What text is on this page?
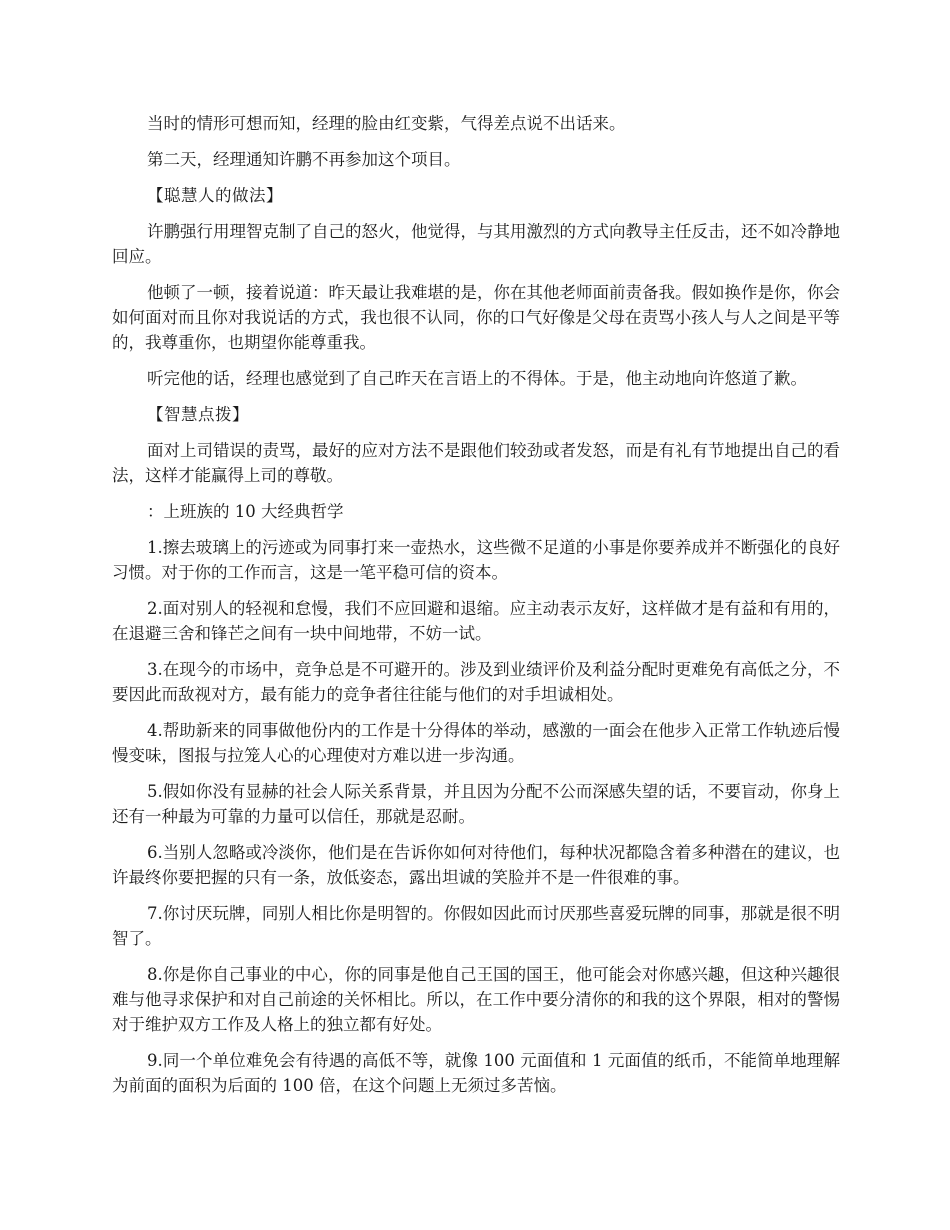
当时的情形可想而知，经理的脸由红变紫，气得差点说不出话来。

第二天，经理通知许鹏不再参加这个项目。

【聪慧人的做法】

许鹏强行用理智克制了自己的怒火，他觉得，与其用激烈的方式向教导主任反击，还不如冷静地回应。

他顿了一顿，接着说道：昨天最让我难堪的是，你在其他老师面前责备我。假如换作是你，你会如何面对而且你对我说话的方式，我也很不认同，你的口气好像是父母在责骂小孩人与人之间是平等的，我尊重你，也期望你能尊重我。

听完他的话，经理也感觉到了自己昨天在言语上的不得体。于是，他主动地向许悠道了歉。

【智慧点拨】

面对上司错误的责骂，最好的应对方法不是跟他们较劲或者发怒，而是有礼有节地提出自己的看法，这样才能赢得上司的尊敬。

：上班族的 10 大经典哲学

1.擦去玻璃上的污迹或为同事打来一壶热水，这些微不足道的小事是你要养成并不断强化的良好习惯。对于你的工作而言，这是一笔平稳可信的资本。

2.面对别人的轻视和怠慢，我们不应回避和退缩。应主动表示友好，这样做才是有益和有用的，在退避三舍和锋芒之间有一块中间地带，不妨一试。

3.在现今的市场中，竞争总是不可避开的。涉及到业绩评价及利益分配时更难免有高低之分，不要因此而敌视对方，最有能力的竞争者往往能与他们的对手坦诚相处。

4.帮助新来的同事做他份内的工作是十分得体的举动，感激的一面会在他步入正常工作轨迹后慢慢变味，图报与拉笼人心的心理使对方难以进一步沟通。

5.假如你没有显赫的社会人际关系背景，并且因为分配不公而深感失望的话，不要盲动，你身上还有一种最为可靠的力量可以信任，那就是忍耐。

6.当别人忽略或冷淡你，他们是在告诉你如何对待他们，每种状况都隐含着多种潜在的建议，也许最终你要把握的只有一条，放低姿态，露出坦诚的笑脸并不是一件很难的事。

7.你讨厌玩牌，同别人相比你是明智的。你假如因此而讨厌那些喜爱玩牌的同事，那就是很不明智了。

8.你是你自己事业的中心，你的同事是他自己王国的国王，他可能会对你感兴趣，但这种兴趣很难与他寻求保护和对自己前途的关怀相比。所以，在工作中要分清你的和我的这个界限，相对的警惕对于维护双方工作及人格上的独立都有好处。

9.同一个单位难免会有待遇的高低不等，就像 100 元面值和 1 元面值的纸币，不能简单地理解为前面的面积为后面的 100 倍，在这个问题上无须过多苦恼。
